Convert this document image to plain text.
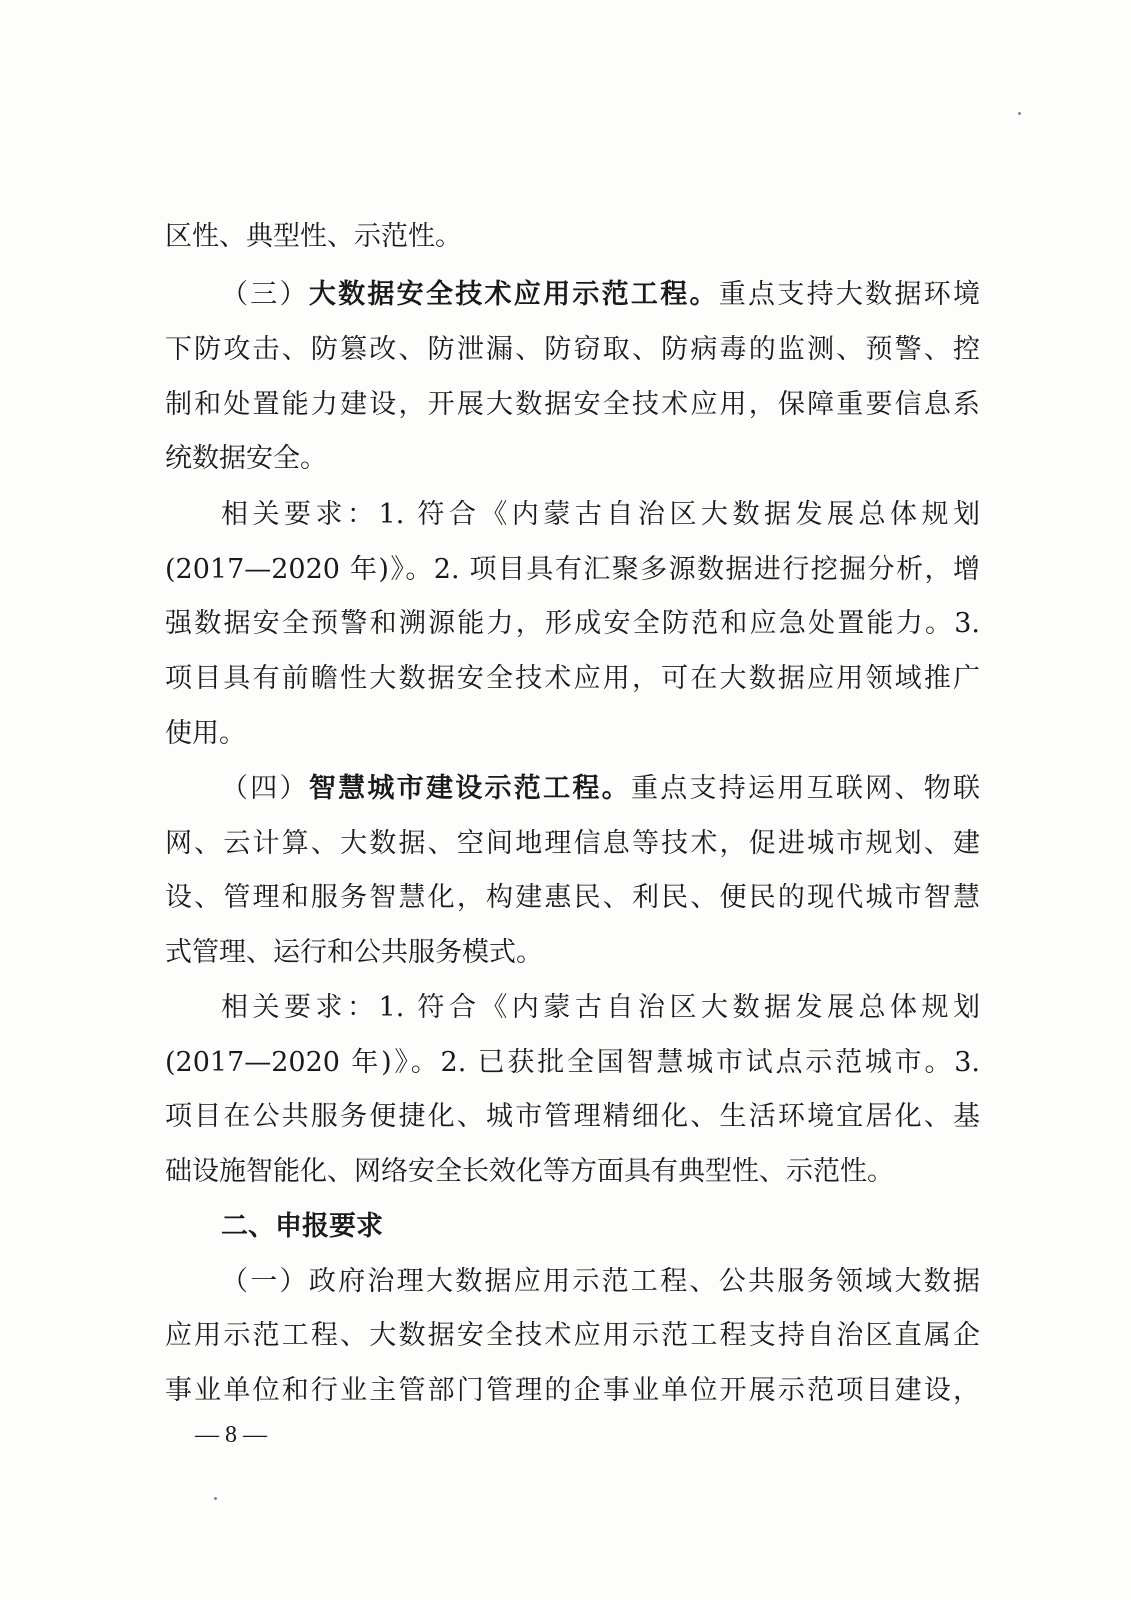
区性、典型性、示范性。
（三）大数据安全技术应用示范工程。重点支持大数据环境
下防攻击、防篡改、防泄漏、防窃取、防病毒的监测、预警、控
制和处置能力建设，开展大数据安全技术应用，保障重要信息系
统数据安全。
相关要求：1. 符合《内蒙古自治区大数据发展总体规划
(2017—2020 年)》。2. 项目具有汇聚多源数据进行挖掘分析，增
强数据安全预警和溯源能力，形成安全防范和应急处置能力。3.
项目具有前瞻性大数据安全技术应用，可在大数据应用领域推广
使用。
（四）智慧城市建设示范工程。重点支持运用互联网、物联
网、云计算、大数据、空间地理信息等技术，促进城市规划、建
设、管理和服务智慧化，构建惠民、利民、便民的现代城市智慧
式管理、运行和公共服务模式。
相关要求：1. 符合《内蒙古自治区大数据发展总体规划
(2017—2020 年)》。2. 已获批全国智慧城市试点示范城市。3.
项目在公共服务便捷化、城市管理精细化、生活环境宜居化、基
础设施智能化、网络安全长效化等方面具有典型性、示范性。
二、申报要求
（一）政府治理大数据应用示范工程、公共服务领域大数据
应用示范工程、大数据安全技术应用示范工程支持自治区直属企
事业单位和行业主管部门管理的企事业单位开展示范项目建设，
— 8 —
